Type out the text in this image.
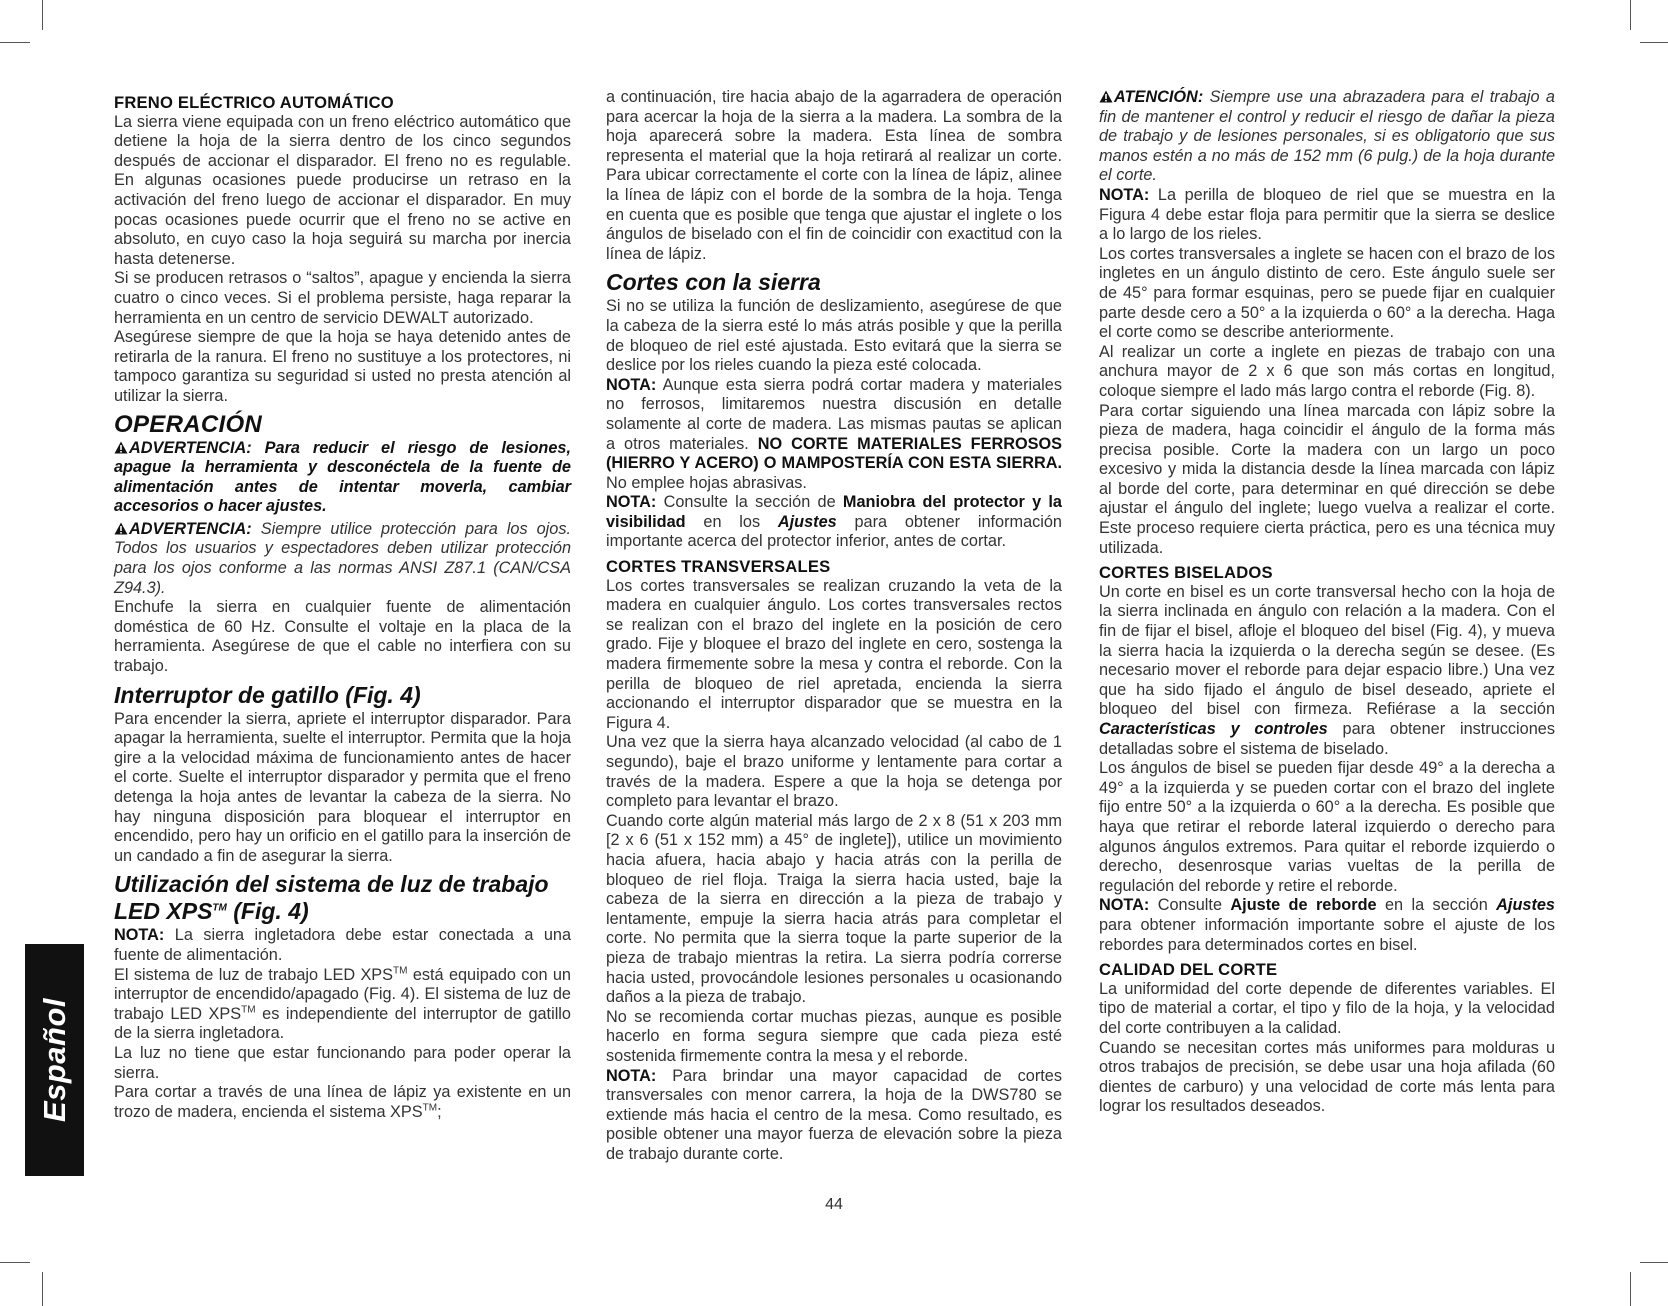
Español
FRENO ELÉCTRICO AUTOMÁTICO

La sierra viene equipada con un freno eléctrico automático que detiene la hoja de la sierra dentro de los cinco segundos después de accionar el disparador. El freno no es regulable. En algunas ocasiones puede producirse un retraso en la activación del freno luego de accionar el disparador. En muy pocas ocasiones puede ocurrir que el freno no se active en absoluto, en cuyo caso la hoja seguirá su marcha por inercia hasta detenerse.

Si se producen retrasos o “saltos”, apague y encienda la sierra cuatro o cinco veces. Si el problema persiste, haga reparar la herramienta en un centro de servicio DEWALT autorizado.

Asegúrese siempre de que la hoja se haya detenido antes de retirarla de la ranura. El freno no sustituye a los protectores, ni tampoco garantiza su seguridad si usted no presta atención al utilizar la sierra.

OPERACIÓN

ADVERTENCIA: Para reducir el riesgo de lesiones, apague la herramienta y desconéctela de la fuente de alimentación antes de intentar moverla, cambiar accesorios o hacer ajustes.

ADVERTENCIA: Siempre utilice protección para los ojos. Todos los usuarios y espectadores deben utilizar protección para los ojos conforme a las normas ANSI Z87.1 (CAN/CSA Z94.3).

Enchufe la sierra en cualquier fuente de alimentación doméstica de 60 Hz. Consulte el voltaje en la placa de la herramienta. Asegúrese de que el cable no interfiera con su trabajo.

Interruptor de gatillo (Fig. 4)

Para encender la sierra, apriete el interruptor disparador. Para apagar la herramienta, suelte el interruptor. Permita que la hoja gire a la velocidad máxima de funcionamiento antes de hacer el corte. Suelte el interruptor disparador y permita que el freno detenga la hoja antes de levantar la cabeza de la sierra. No hay ninguna disposición para bloquear el interruptor en encendido, pero hay un orificio en el gatillo para la inserción de un candado a fin de asegurar la sierra.

Utilización del sistema de luz de trabajo LED XPS™ (Fig. 4)

NOTA: La sierra ingletadora debe estar conectada a una fuente de alimentación.

El sistema de luz de trabajo LED XPS™ está equipado con un interruptor de encendido/apagado (Fig. 4). El sistema de luz de trabajo LED XPS™ es independiente del interruptor de gatillo de la sierra ingletadora.

La luz no tiene que estar funcionando para poder operar la sierra.

Para cortar a través de una línea de lápiz ya existente en un trozo de madera, encienda el sistema XPS™;

a continuación, tire hacia abajo de la agarradera de operación para acercar la hoja de la sierra a la madera. La sombra de la hoja aparecerá sobre la madera. Esta línea de sombra representa el material que la hoja retirará al realizar un corte. Para ubicar correctamente el corte con la línea de lápiz, alinee la línea de lápiz con el borde de la sombra de la hoja. Tenga en cuenta que es posible que tenga que ajustar el inglete o los ángulos de biselado con el fin de coincidir con exactitud con la línea de lápiz.

Cortes con la sierra

Si no se utiliza la función de deslizamiento, asegúrese de que la cabeza de la sierra esté lo más atrás posible y que la perilla de bloqueo de riel esté ajustada. Esto evitará que la sierra se deslice por los rieles cuando la pieza esté colocada.

NOTA: Aunque esta sierra podrá cortar madera y materiales no ferrosos, limitaremos nuestra discusión en detalle solamente al corte de madera. Las mismas pautas se aplican a otros materiales. NO CORTE MATERIALES FERROSOS (HIERRO Y ACERO) O MAMPOSTERÍA CON ESTA SIERRA. No emplee hojas abrasivas.

NOTA: Consulte la sección de Maniobra del protector y la visibilidad en los Ajustes para obtener información importante acerca del protector inferior, antes de cortar.

CORTES TRANSVERSALES

Los cortes transversales se realizan cruzando la veta de la madera en cualquier ángulo. Los cortes transversales rectos se realizan con el brazo del inglete en la posición de cero grado. Fije y bloquee el brazo del inglete en cero, sostenga la madera firmemente sobre la mesa y contra el reborde. Con la perilla de bloqueo de riel apretada, encienda la sierra accionando el interruptor disparador que se muestra en la Figura 4.

Una vez que la sierra haya alcanzado velocidad (al cabo de 1 segundo), baje el brazo uniforme y lentamente para cortar a través de la madera. Espere a que la hoja se detenga por completo para levantar el brazo.

Cuando corte algún material más largo de 2 x 8 (51 x 203 mm [2 x 6 (51 x 152 mm) a 45° de inglete]), utilice un movimiento hacia afuera, hacia abajo y hacia atrás con la perilla de bloqueo de riel floja. Traiga la sierra hacia usted, baje la cabeza de la sierra en dirección a la pieza de trabajo y lentamente, empuje la sierra hacia atrás para completar el corte. No permita que la sierra toque la parte superior de la pieza de trabajo mientras la retira. La sierra podría correrse hacia usted, provocándole lesiones personales u ocasionando daños a la pieza de trabajo.

No se recomienda cortar muchas piezas, aunque es posible hacerlo en forma segura siempre que cada pieza esté sostenida firmemente contra la mesa y el reborde.

NOTA: Para brindar una mayor capacidad de cortes transversales con menor carrera, la hoja de la DWS780 se extiende más hacia el centro de la mesa. Como resultado, es posible obtener una mayor fuerza de elevación sobre la pieza de trabajo durante corte.

ATENCIÓN: Siempre use una abrazadera para el trabajo a fin de mantener el control y reducir el riesgo de dañar la pieza de trabajo y de lesiones personales, si es obligatorio que sus manos estén a no más de 152 mm (6 pulg.) de la hoja durante el corte.

NOTA: La perilla de bloqueo de riel que se muestra en la Figura 4 debe estar floja para permitir que la sierra se deslice a lo largo de los rieles.

Los cortes transversales a inglete se hacen con el brazo de los ingletes en un ángulo distinto de cero. Este ángulo suele ser de 45° para formar esquinas, pero se puede fijar en cualquier parte desde cero a 50° a la izquierda o 60° a la derecha. Haga el corte como se describe anteriormente.

Al realizar un corte a inglete en piezas de trabajo con una anchura mayor de 2 x 6 que son más cortas en longitud, coloque siempre el lado más largo contra el reborde (Fig. 8).

Para cortar siguiendo una línea marcada con lápiz sobre la pieza de madera, haga coincidir el ángulo de la forma más precisa posible. Corte la madera con un largo un poco excesivo y mida la distancia desde la línea marcada con lápiz al borde del corte, para determinar en qué dirección se debe ajustar el ángulo del inglete; luego vuelva a realizar el corte. Este proceso requiere cierta práctica, pero es una técnica muy utilizada.

CORTES BISELADOS

Un corte en bisel es un corte transversal hecho con la hoja de la sierra inclinada en ángulo con relación a la madera. Con el fin de fijar el bisel, afloje el bloqueo del bisel (Fig. 4), y mueva la sierra hacia la izquierda o la derecha según se desee. (Es necesario mover el reborde para dejar espacio libre.) Una vez que ha sido fijado el ángulo de bisel deseado, apriete el bloqueo del bisel con firmeza. Refiérase a la sección Características y controles para obtener instrucciones detalladas sobre el sistema de biselado.

Los ángulos de bisel se pueden fijar desde 49° a la derecha a 49° a la izquierda y se pueden cortar con el brazo del inglete fijo entre 50° a la izquierda o 60° a la derecha. Es posible que haya que retirar el reborde lateral izquierdo o derecho para algunos ángulos extremos. Para quitar el reborde izquierdo o derecho, desenrosque varias vueltas de la perilla de regulación del reborde y retire el reborde.

NOTA: Consulte Ajuste de reborde en la sección Ajustes para obtener información importante sobre el ajuste de los rebordes para determinados cortes en bisel.

CALIDAD DEL CORTE

La uniformidad del corte depende de diferentes variables. El tipo de material a cortar, el tipo y filo de la hoja, y la velocidad del corte contribuyen a la calidad.

Cuando se necesitan cortes más uniformes para molduras u otros trabajos de precisión, se debe usar una hoja afilada (60 dientes de carburo) y una velocidad de corte más lenta para lograr los resultados deseados.

44
